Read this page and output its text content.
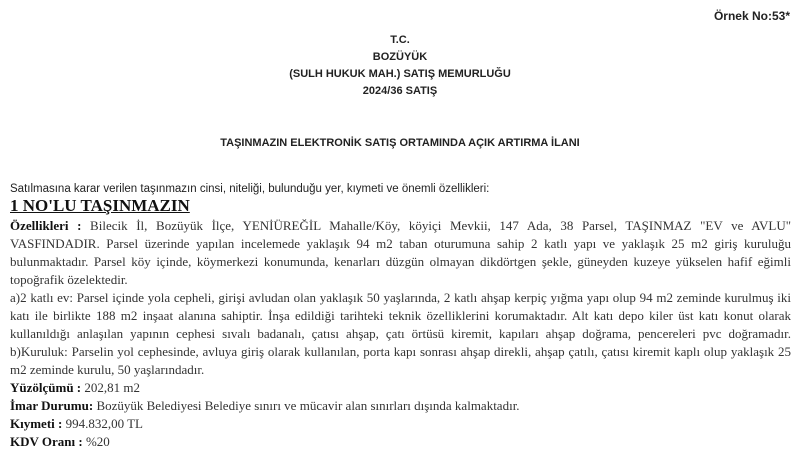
Örnek No:53*
T.C.
BOZÜYÜK
(SULH HUKUK MAH.) SATIŞ MEMURLUĞU
2024/36 SATIŞ
TAŞINMAZIN ELEKTRONİK SATIŞ ORTAMINDA AÇIK ARTIRMA İLANI
Satılmasına karar verilen taşınmazın cinsi, niteliği, bulunduğu yer, kıymeti ve önemli özellikleri:
1 NO'LU TAŞINMAZIN

Özellikleri : Bilecik İl, Bozüyük İlçe, YENİÜREĞİL Mahalle/Köy, köyiçi Mevkii, 147 Ada, 38 Parsel, TAŞINMAZ "EV ve AVLU" VASFINDADIR. Parsel üzerinde yapılan incelemede yaklaşık 94 m2 taban oturumuna sahip 2 katlı yapı ve yaklaşık 25 m2 giriş kuruluğu bulunmaktadır. Parsel köy içinde, köymerkezi konumunda, kenarları düzgün olmayan dikdörtgen şekle, güneyden kuzeye yükselen hafif eğimli topoğrafik özelektedir.

a)2 katlı ev: Parsel içinde yola cepheli, girişi avludan olan yaklaşık 50 yaşlarında, 2 katlı ahşap kerpiç yığma yapı olup 94 m2 zeminde kurulmuş iki katı ile birlikte 188 m2 inşaat alanına sahiptir. İnşa edildiği tarihteki teknik özelliklerini korumaktadır. Alt katı depo kiler üst katı konut olarak kullanıldığı anlaşılan yapının cephesi sıvalı badanalı, çatısı ahşap, çatı örtüsü kiremit, kapıları ahşap doğrama, pencereleri pvc doğramadır. b)Kuruluk: Parselin yol cephesinde, avluya giriş olarak kullanılan, porta kapı sonrası ahşap direkli, ahşap çatılı, çatısı kiremit kaplı olup yaklaşık 25 m2 zeminde kurulu, 50 yaşlarındadır.

Yüzölçümü : 202,81 m2

İmar Durumu: Bozüyük Belediyesi Belediye sınırı ve mücavir alan sınırları dışında kalmaktadır.

Kıymeti : 994.832,00 TL

KDV Oranı : %20
